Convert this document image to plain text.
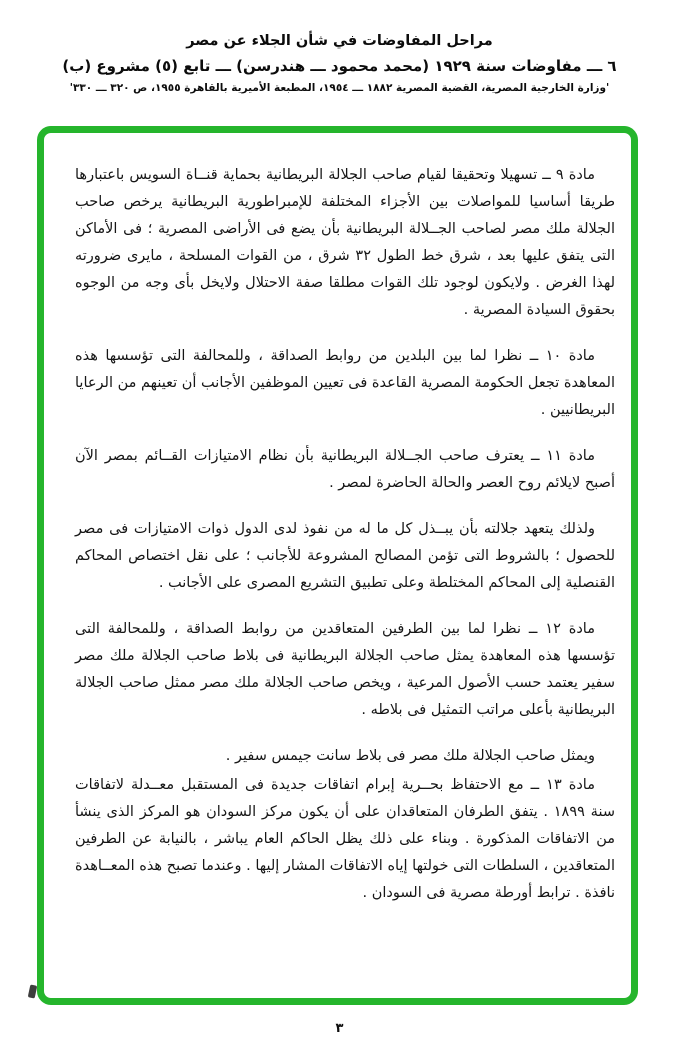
مراحل المفاوضات في شأن الجلاء عن مصر
٦ ـــ مفاوضات سنة ١٩٢٩ (محمد محمود ـــ هندرسن) ـــ تابع (٥) مشروع (ب)
'وزارة الخارجية المصرية، القضية المصرية ١٨٨٢ ـــ ١٩٥٤، المطبعة الأميرية بالقاهرة ١٩٥٥، ص ٣٢٠ ـــ ٣٣٠'

مادة ٩ ــ تسهيلا وتحقيقا لقيام صاحب الجلالة البريطانية بحماية قنــاة السويس باعتبارها طريقا أساسيا للمواصلات بين الأجزاء المختلفة للإمبراطورية البريطانية يرخص صاحب الجلالة ملك مصر لصاحب الجــلالة البريطانية بأن يضع فى الأراضى المصرية ؛ فى الأماكن التى يتفق عليها بعد ، شرق خط الطول ٣٢ شرق ، من القوات المسلحة ، مايرى ضرورته لهذا الغرض . ولايكون لوجود تلك القوات مطلقا صفة الاحتلال ولايخل بأى وجه من الوجوه بحقوق السيادة المصرية .

مادة ١٠ ــ نظرا لما بين البلدين من روابط الصداقة ، وللمحالفة التى تؤسسها هذه المعاهدة تجعل الحكومة المصرية القاعدة فى تعيين الموظفين الأجانب أن تعينهم من الرعايا البريطانيين .

مادة ١١ ــ يعترف صاحب الجــلالة البريطانية بأن نظام الامتيازات القــائم بمصر الآن أصبح لايلائم روح العصر والحالة الحاضرة لمصر .

ولذلك يتعهد جلالته بأن يبــذل كل ما له من نفوذ لدى الدول ذوات الامتيازات فى مصر للحصول ؛ بالشروط التى تؤمن المصالح المشروعة للأجانب ؛ على نقل اختصاص المحاكم القنصلية إلى المحاكم المختلطة وعلى تطبيق التشريع المصرى على الأجانب .

مادة ١٢ ــ نظرا لما بين الطرفين المتعاقدين من روابط الصداقة ، وللمحالفة التى تؤسسها هذه المعاهدة يمثل صاحب الجلالة البريطانية فى بلاط صاحب الجلالة ملك مصر سفير يعتمد حسب الأصول المرعية ، ويخص صاحب الجلالة ملك مصر ممثل صاحب الجلالة البريطانية بأعلى مراتب التمثيل فى بلاطه .

ويمثل صاحب الجلالة ملك مصر فى بلاط سانت جيمس سفير .

مادة ١٣ ــ مع الاحتفاظ بحــرية إبرام اتفاقات جديدة فى المستقبل معــدلة لاتفاقات سنة ١٨٩٩ . يتفق الطرفان المتعاقدان على أن يكون مركز السودان هو المركز الذى ينشأ من الاتفاقات المذكورة . وبناء على ذلك يظل الحاكم العام يباشر ، بالنيابة عن الطرفين المتعاقدين ، السلطات التى خولتها إياه الاتفاقات المشار إليها . وعندما تصبح هذه المعــاهدة نافذة . ترابط أورطة مصرية فى السودان .

٣
